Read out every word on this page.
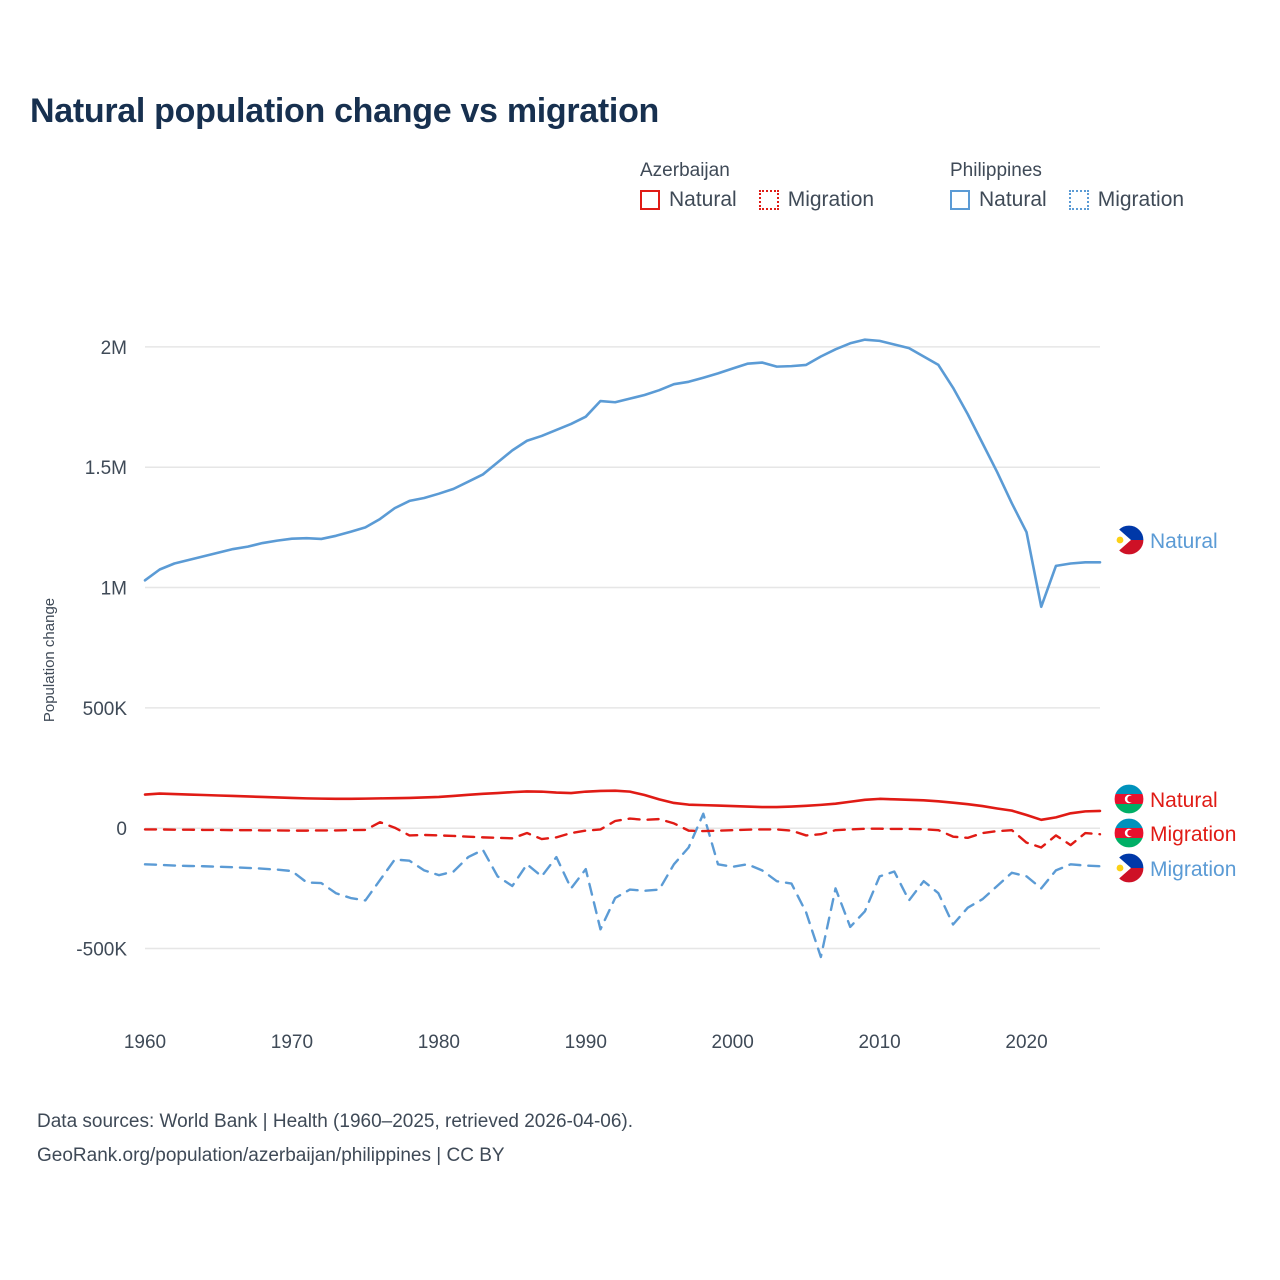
Natural population change vs migration
Azerbaijan
Natural Migration
Philippines
Natural Migration
-500K
0
500K
1M
1.5M
2M
1960	1970	1980	1990	2000	2010	2020
Population change
Natural
Natural
Migration
Migration
Data sources: World Bank | Health (1960–2025, retrieved 2026-04-06).
GeoRank.org/population/azerbaijan/philippines | CC BY
